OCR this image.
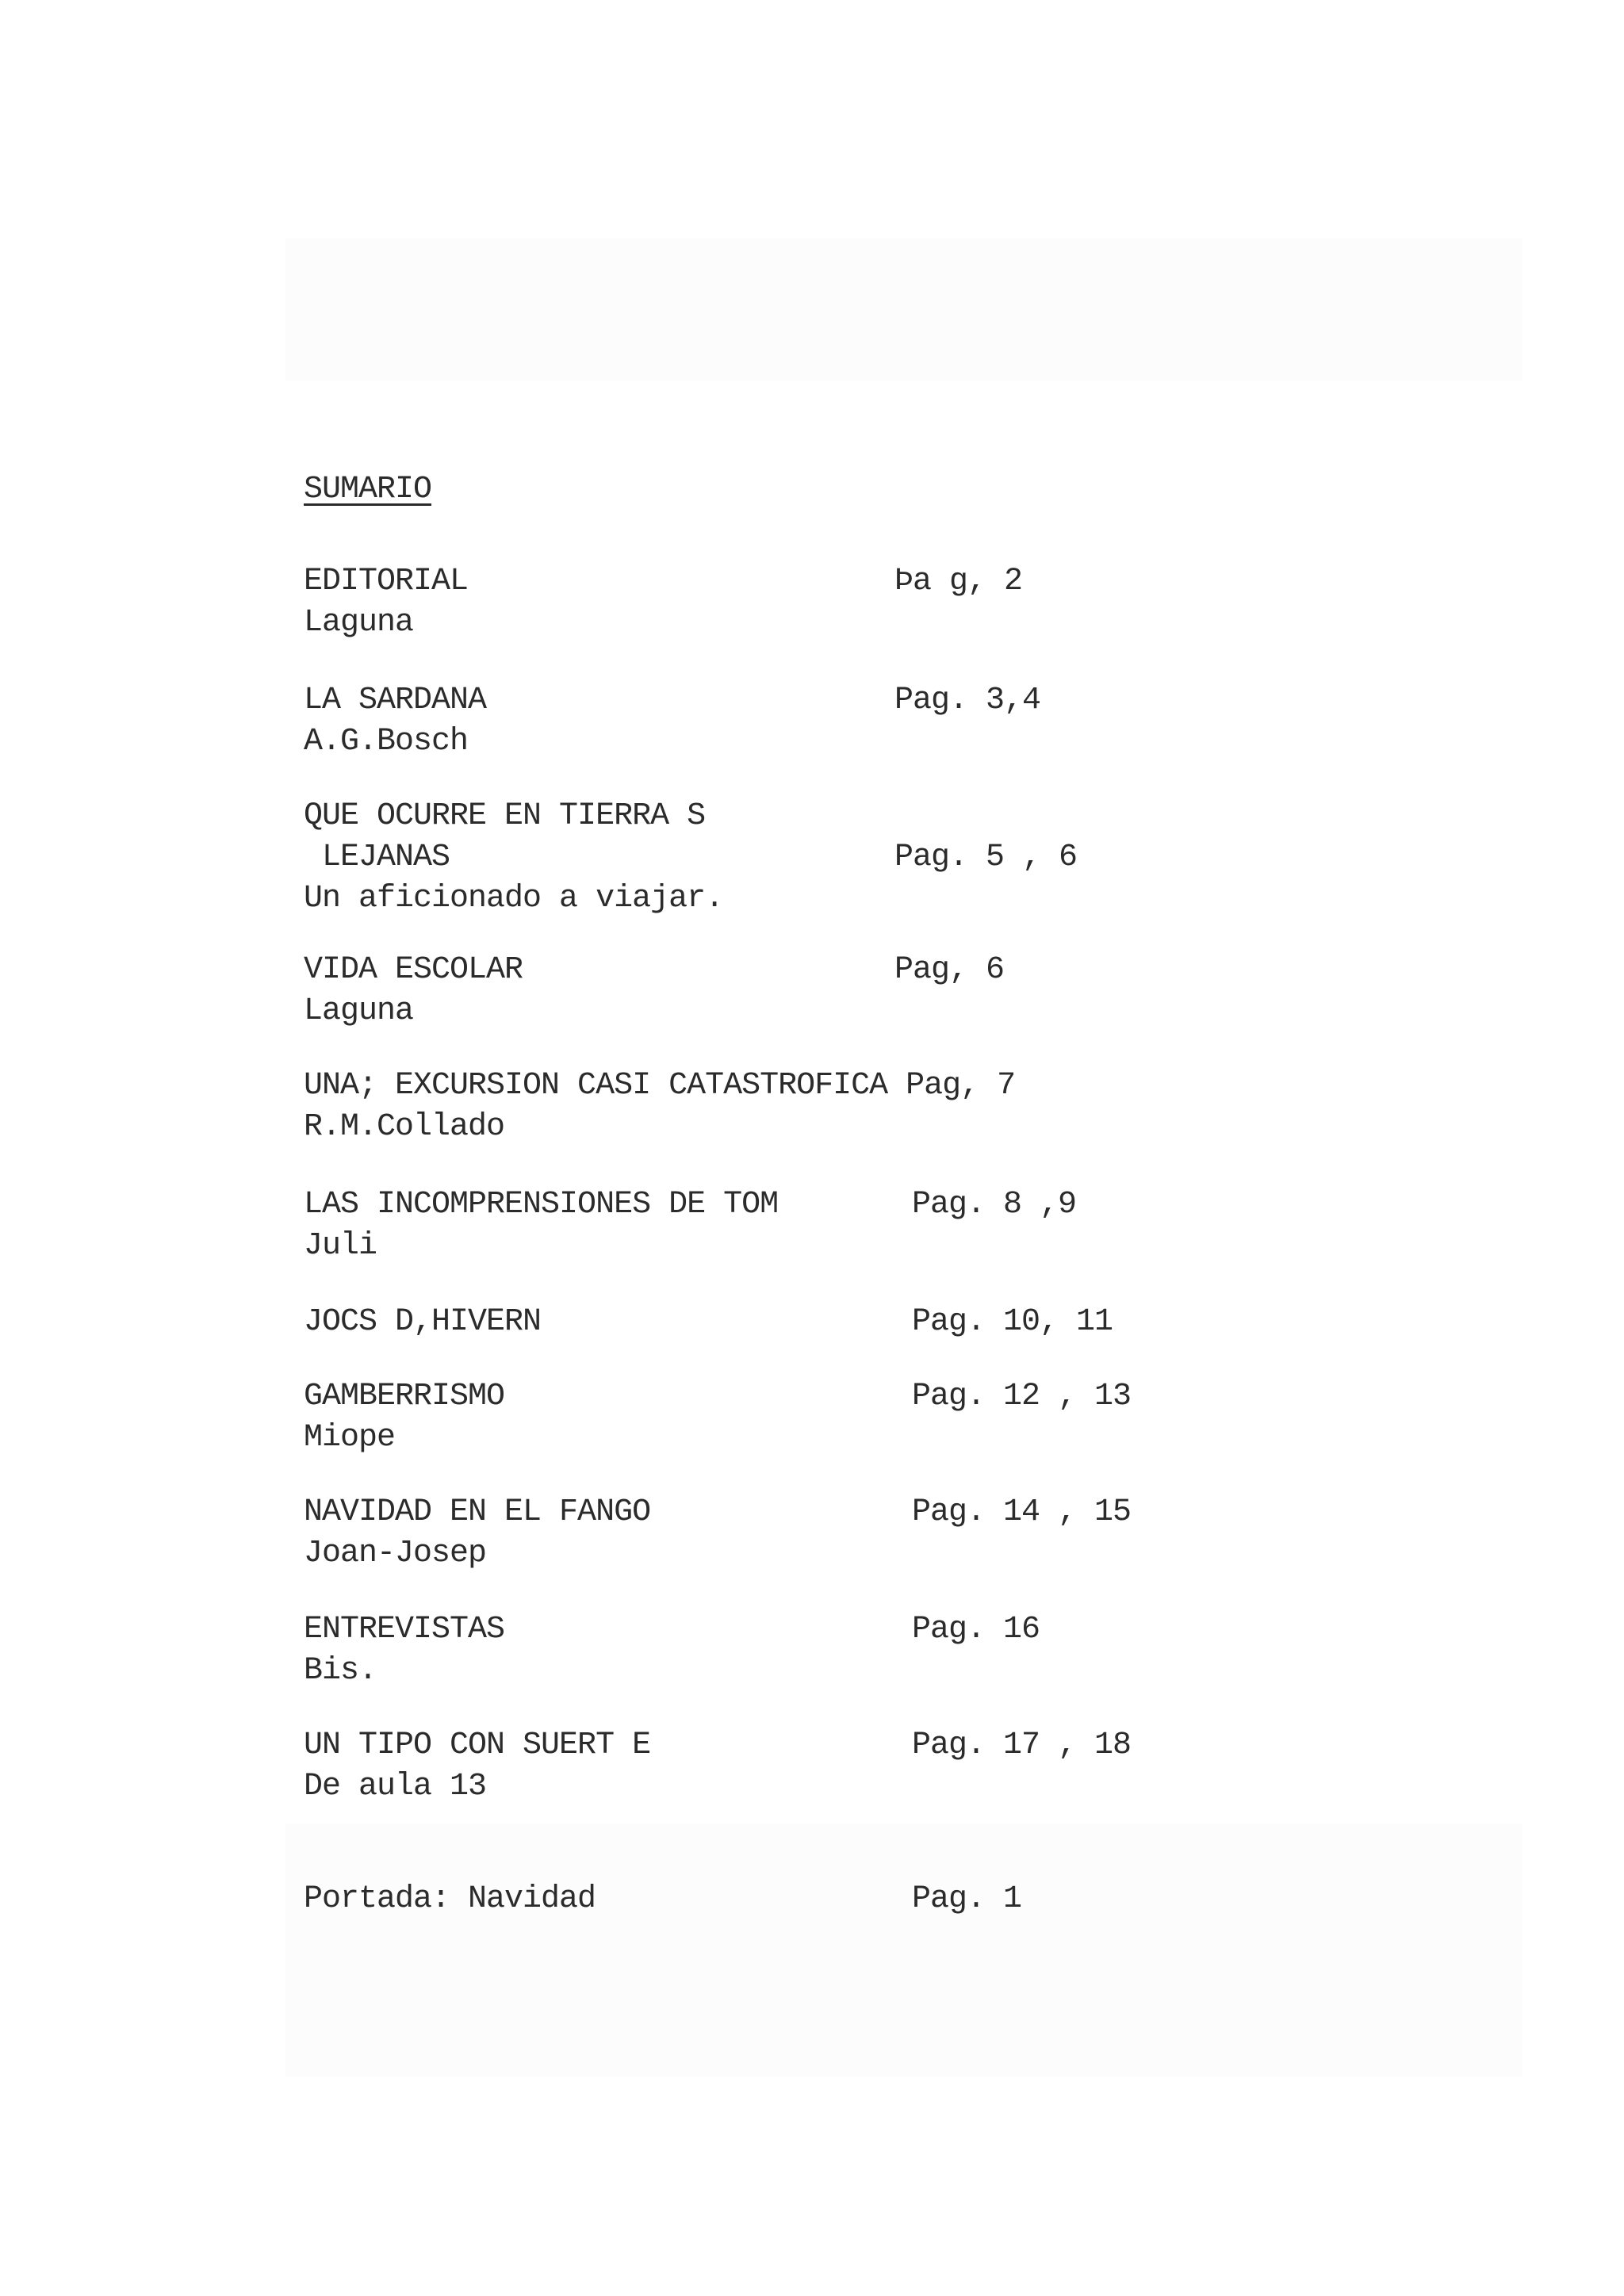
SUMARIO
EDITORIAL
Laguna
Þa g, 2
LA SARDANA
A.G.Bosch
Pag. 3,4
QUE OCURRE EN TIERRA S
LEJANAS
Un aficionado a viajar.
Pag. 5 , 6
VIDA ESCOLAR
Laguna
Pag, 6
UNA; EXCURSION CASI CATASTROFICA Pag, 7
R.M.Collado
LAS INCOMPRENSIONES DE TOM
Juli
Pag. 8 ,9
JOCS D,HIVERN	Pag. 10, 11
GAMBERRISMO
Miope
Pag. 12 , 13
NAVIDAD EN EL FANGO
Joan-Josep
Pag. 14 , 15
ENTREVISTAS
Bis.
Pag. 16
UN TIPO CON SUERT E
De aula 13
Pag. 17 , 18
Portada: Navidad	Pag. 1
